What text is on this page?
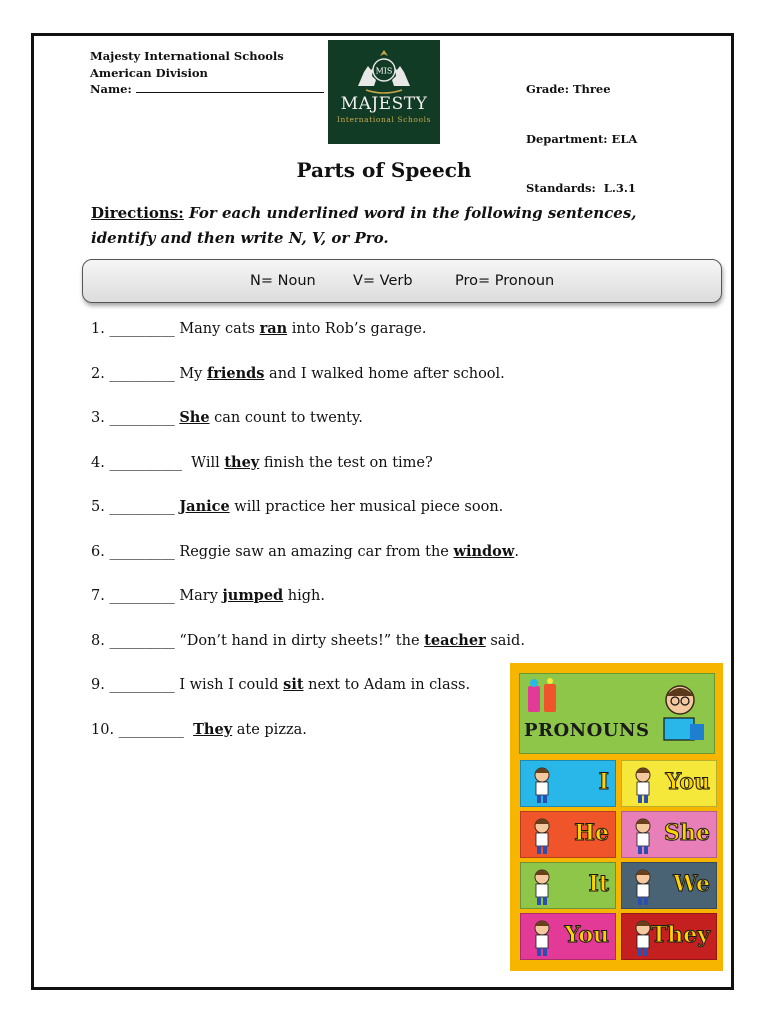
Majesty International Schools
American Division
Name:
MIS
MAJESTY
International Schools

Grade: Three

Department: ELA

Standards:  L.3.1

Parts of Speech
Directions: For each underlined word in the following sentences, identify and then write N, V, or Pro.
N= Noun	V= Verb	Pro= Pronoun
1. _________ Many cats ran into Rob’s garage.
2. _________ My friends and I walked home after school.
3. _________ She can count to twenty.
4. __________  Will they finish the test on time?
5. _________ Janice will practice her musical piece soon.
6. _________ Reggie saw an amazing car from the window.
7. _________ Mary jumped high.
8. _________ “Don’t hand in dirty sheets!” the teacher said.
9. _________ I wish I could sit next to Adam in class.
10. _________ They ate pizza.	PRONOUNS
I	You
He	She
It	We
You They
